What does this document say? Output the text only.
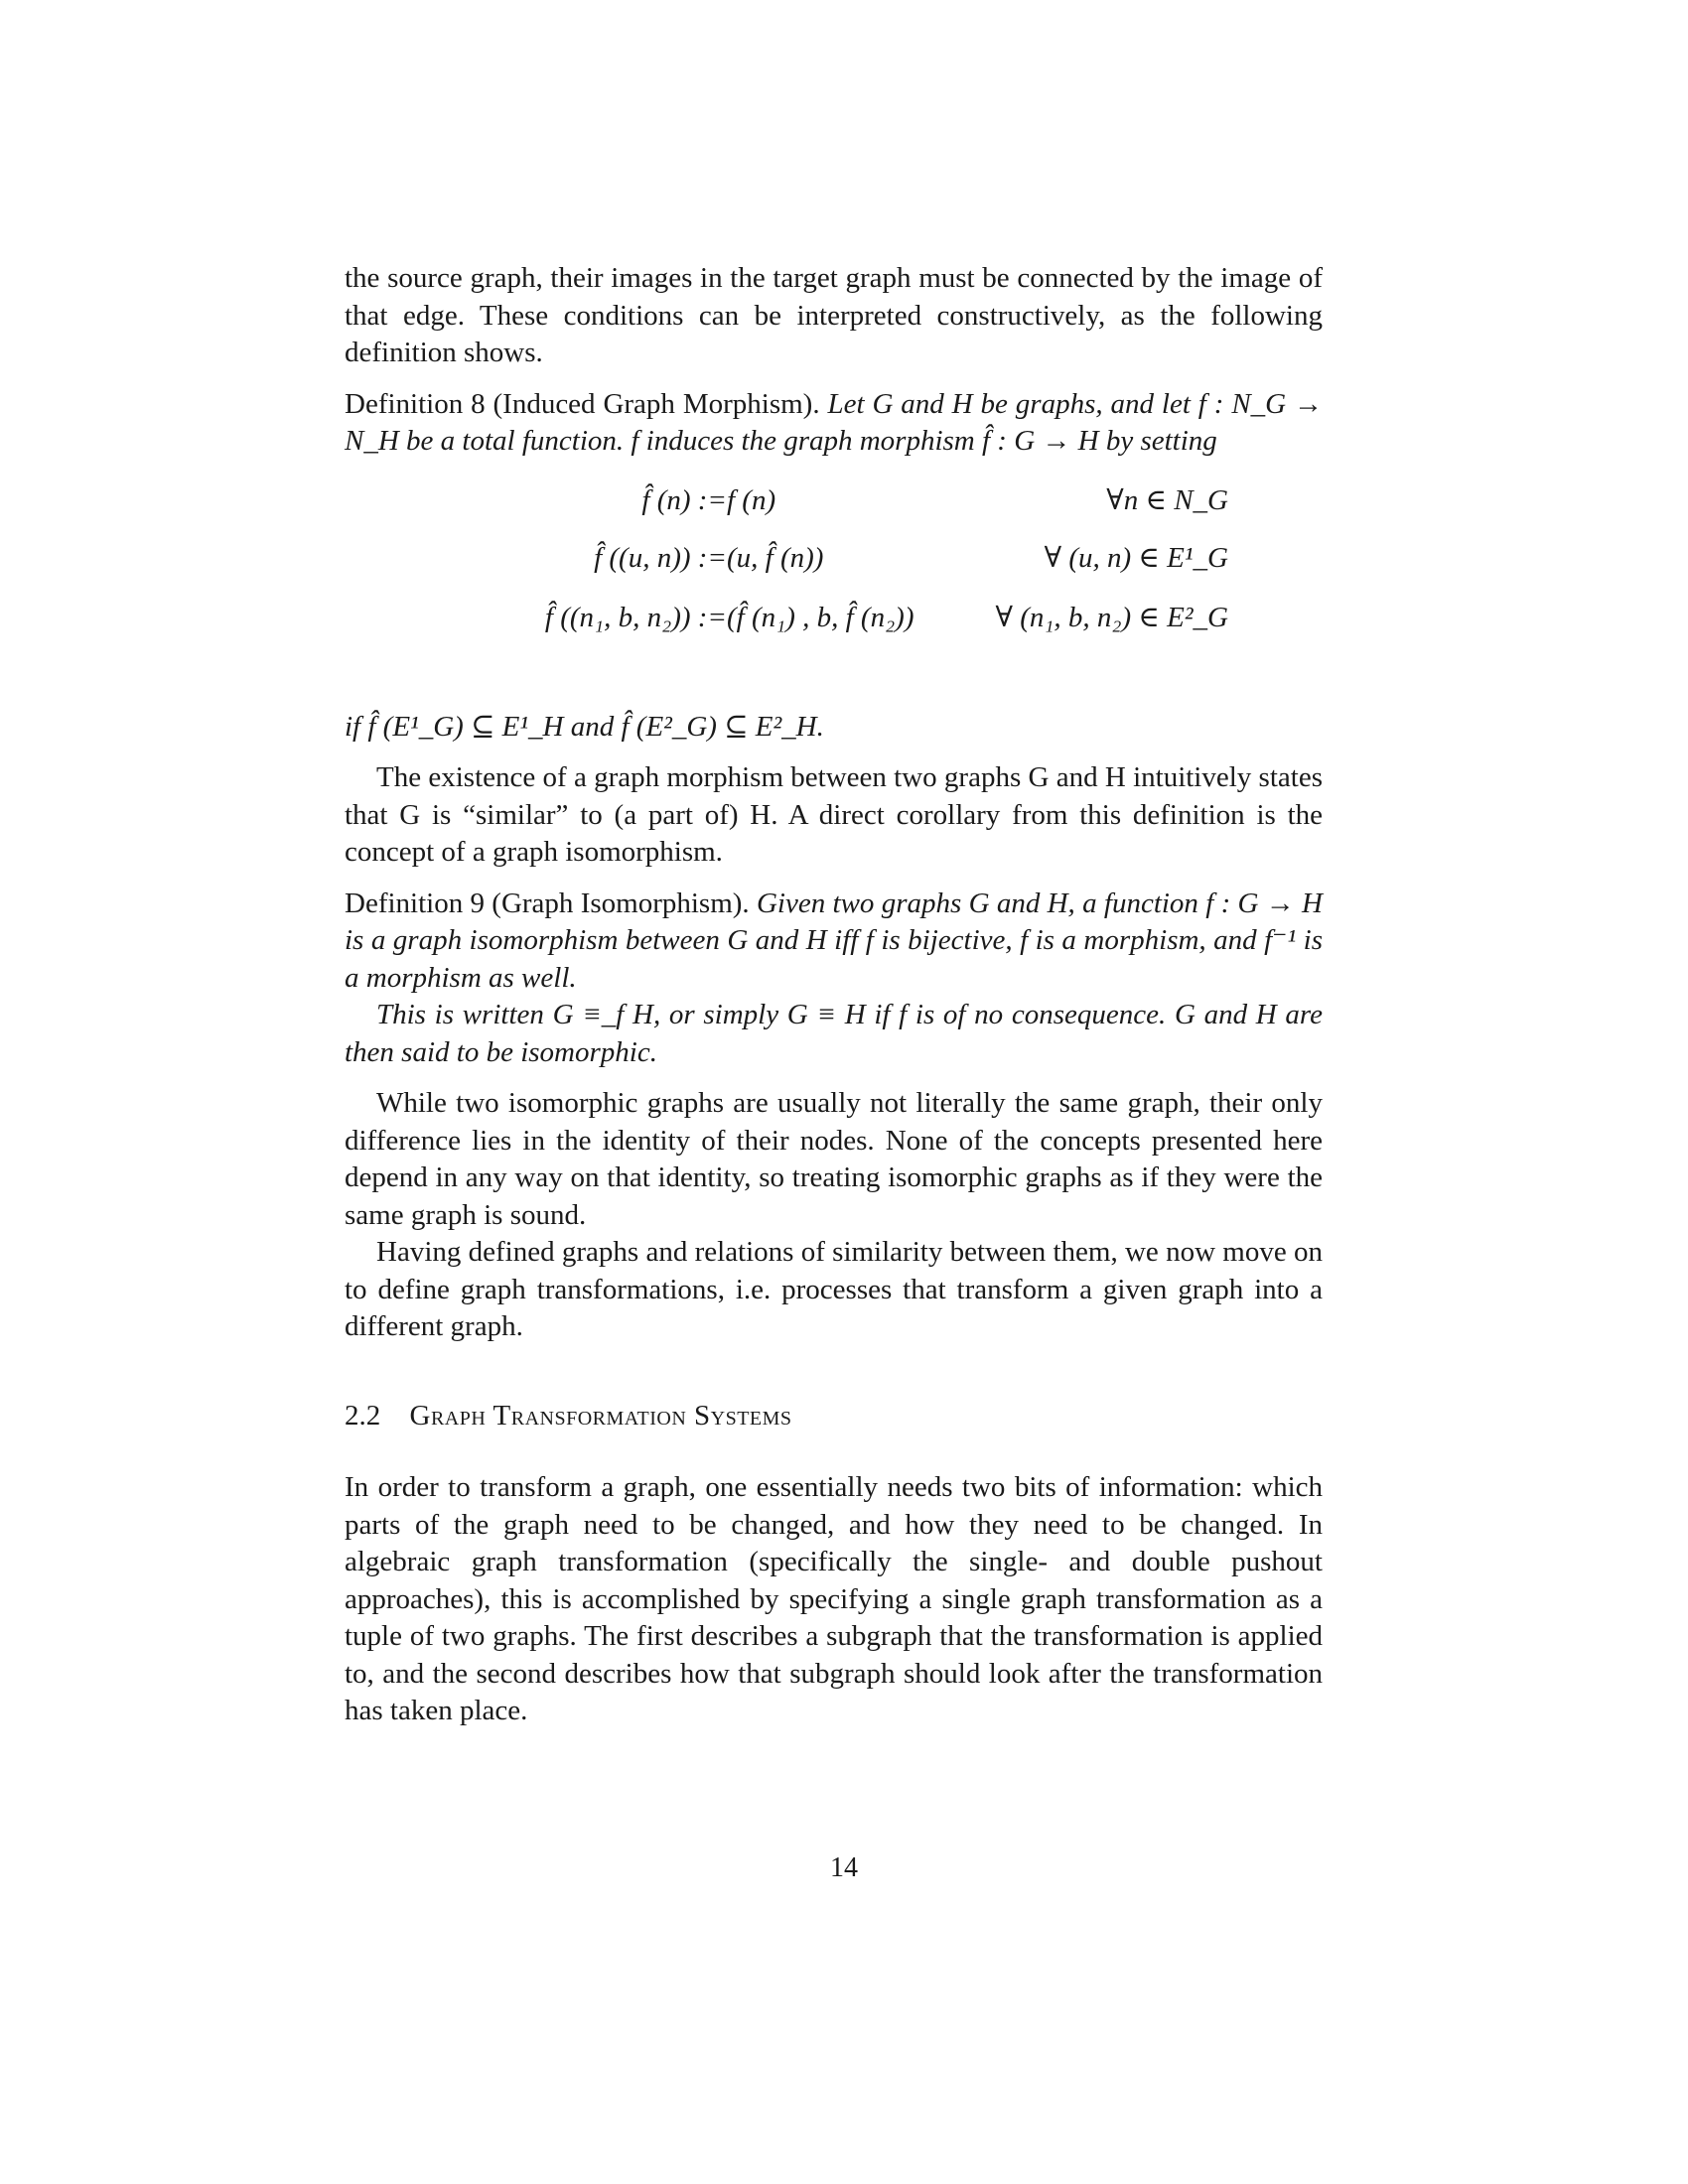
the source graph, their images in the target graph must be connected by the image of that edge. These conditions can be interpreted constructively, as the following definition shows.

Definition 8 (Induced Graph Morphism). Let G and H be graphs, and let f : N_G → N_H be a total function. f induces the graph morphism f̂ : G → H by setting

f̂ (n) := f (n)	∀n ∈ N_G
f̂ ((u, n)) := (u, f̂ (n))	∀ (u, n) ∈ E¹_G
f̂ ((n₁, b, n₂)) := (f̂ (n₁) , b, f̂ (n₂))	∀ (n₁, b, n₂) ∈ E²_G

if f̂ (E¹_G) ⊆ E¹_H and f̂ (E²_G) ⊆ E²_H.

The existence of a graph morphism between two graphs G and H intuitively states that G is “similar” to (a part of) H. A direct corollary from this definition is the concept of a graph isomorphism.

Definition 9 (Graph Isomorphism). Given two graphs G and H, a function f : G → H is a graph isomorphism between G and H iff f is bijective, f is a morphism, and f⁻¹ is a morphism as well.

This is written G ≡_f H, or simply G ≡ H if f is of no consequence. G and H are then said to be isomorphic.

While two isomorphic graphs are usually not literally the same graph, their only difference lies in the identity of their nodes. None of the concepts presented here depend in any way on that identity, so treating isomorphic graphs as if they were the same graph is sound.

Having defined graphs and relations of similarity between them, we now move on to define graph transformations, i.e. processes that transform a given graph into a different graph.

2.2 Graph Transformation Systems

In order to transform a graph, one essentially needs two bits of information: which parts of the graph need to be changed, and how they need to be changed. In algebraic graph transformation (specifically the single- and double pushout approaches), this is accomplished by specifying a single graph transformation as a tuple of two graphs. The first describes a subgraph that the transformation is applied to, and the second describes how that subgraph should look after the transformation has taken place.

14
